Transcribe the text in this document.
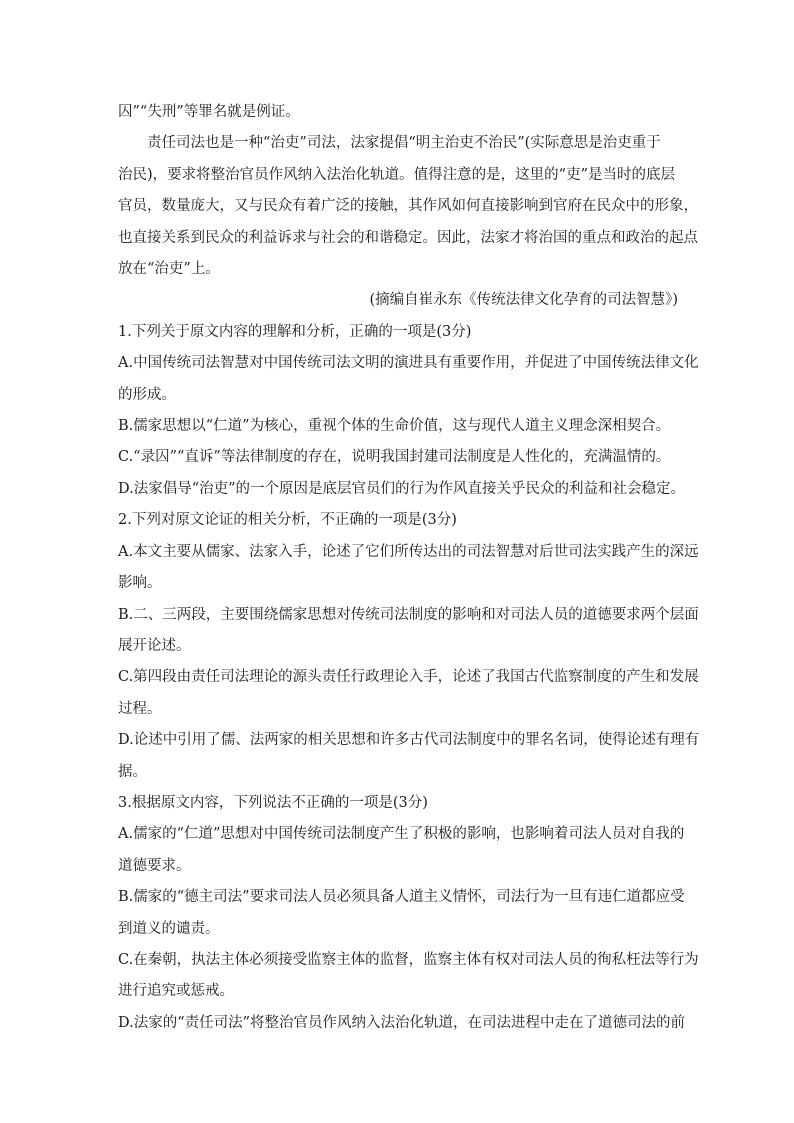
囚”“失刑”等罪名就是例证。

责任司法也是一种“治吏”司法，法家提倡“明主治吏不治民”(实际意思是治吏重于

治民)，要求将整治官员作风纳入法治化轨道。值得注意的是，这里的“吏”是当时的底层

官员，数量庞大，又与民众有着广泛的接触，其作风如何直接影响到官府在民众中的形象，

也直接关系到民众的利益诉求与社会的和谐稳定。因此，法家才将治国的重点和政治的起点

放在“治吏”上。

(摘编自崔永东《传统法律文化孕育的司法智慧》)

1.下列关于原文内容的理解和分析，正确的一项是(3分)

A.中国传统司法智慧对中国传统司法文明的演进具有重要作用，并促进了中国传统法律文化

的形成。

B.儒家思想以“仁道”为核心，重视个体的生命价值，这与现代人道主义理念深相契合。

C.“录囚”“直诉”等法律制度的存在，说明我国封建司法制度是人性化的，充满温情的。

D.法家倡导“治吏”的一个原因是底层官员们的行为作风直接关乎民众的利益和社会稳定。

2.下列对原文论证的相关分析，不正确的一项是(3分)

A.本文主要从儒家、法家入手，论述了它们所传达出的司法智慧对后世司法实践产生的深远

影响。

B.二、三两段，主要围绕儒家思想对传统司法制度的影响和对司法人员的道德要求两个层面

展开论述。

C.第四段由责任司法理论的源头责任行政理论入手，论述了我国古代监察制度的产生和发展

过程。

D.论述中引用了儒、法两家的相关思想和许多古代司法制度中的罪名名词，使得论述有理有

据。

3.根据原文内容，下列说法不正确的一项是(3分)

A.儒家的“仁道”思想对中国传统司法制度产生了积极的影响，也影响着司法人员对自我的

道德要求。

B.儒家的“德主司法”要求司法人员必须具备人道主义情怀，司法行为一旦有违仁道都应受

到道义的谴责。

C.在秦朝，执法主体必须接受监察主体的监督，监察主体有权对司法人员的徇私枉法等行为

进行追究或惩戒。

D.法家的“责任司法”将整治官员作风纳入法治化轨道，在司法进程中走在了道德司法的前
